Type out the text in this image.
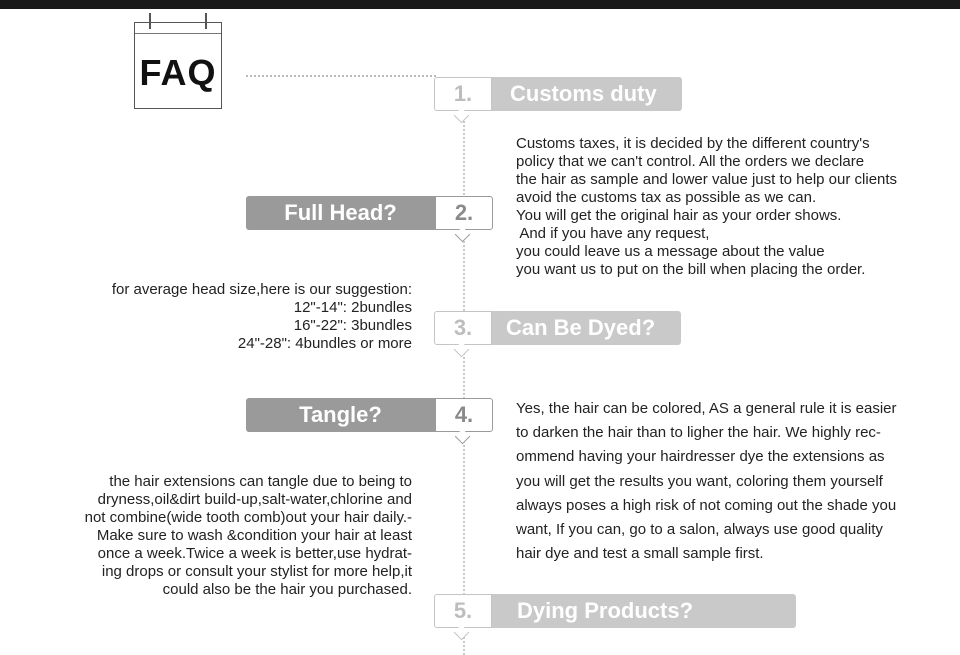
FAQ
1.	Customs duty
Customs taxes, it is decided by the different country's
policy that we can't control. All the orders we declare
the hair as sample and lower value just to help our clients
avoid the customs tax as possible as we can.
You will get the original hair as your order shows.
And if you have any request,
you could leave us a message about the value
you want us to put on the bill when placing the order.
Full Head?	2.
for average head size,here is our suggestion:
12"-14": 2bundles
16"-22": 3bundles
24"-28": 4bundles or more
3.	Can Be Dyed?
Yes, the hair can be colored, AS a general rule it is easier
to darken the hair than to ligher the hair. We highly rec-
ommend having your hairdresser dye the extensions as
you will get the results you want, coloring them yourself
always poses a high risk of not coming out the shade you
want, If you can, go to a salon, always use good quality
hair dye and test a small sample first.
Tangle?	4.
the hair extensions can tangle due to being to
dryness,oil&dirt build-up,salt-water,chlorine and
not combine(wide tooth comb)out your hair daily.-
Make sure to wash &condition your hair at least
once a week.Twice a week is better,use hydrat-
ing drops or consult your stylist for more help,it
could also be the hair you purchased.
5.	Dying Products?
